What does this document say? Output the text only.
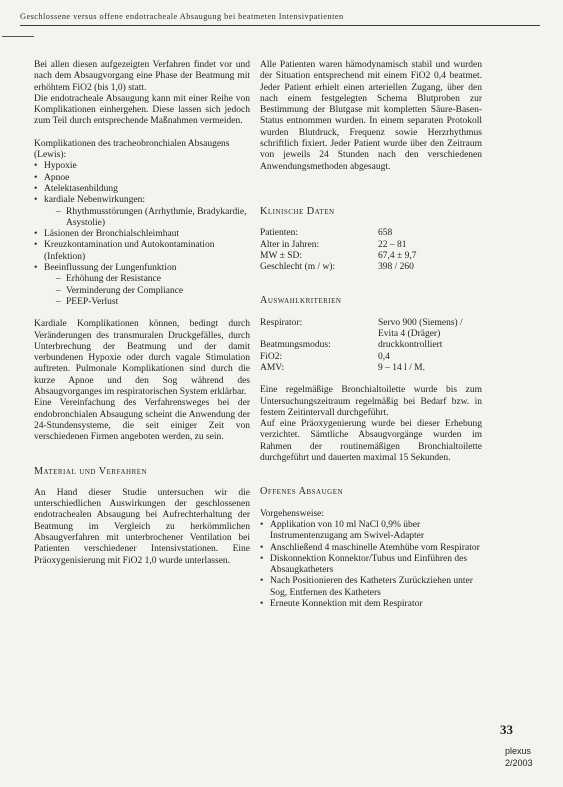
Geschlossene versus offene endotracheale Absaugung bei beatmeten Intensivpatienten

Bei allen diesen aufgezeigten Verfahren findet vor und nach dem Absaugvorgang eine Phase der Beatmung mit erhöhtem FiO2 (bis 1,0) statt.

Die endotracheale Absaugung kann mit einer Reihe von Komplikationen einhergehen. Diese lassen sich jedoch zum Teil durch entsprechende Maßnahmen vermeiden.

Komplikationen des tracheobronchialen Absaugens (Lewis):

• Hypoxie
• Apnoe
• Atelektasenbildung
• kardiale Nebenwirkungen:
– Rhythmusstörungen (Arrhythmie, Bradykardie, Asystolie)
• Läsionen der Bronchialschleimhaut
• Kreuzkontamination und Autokontamination (Infektion)
• Beeinflussung der Lungenfunktion
– Erhöhung der Resistance
– Verminderung der Compliance
– PEEP-Verlust

Kardiale Komplikationen können, bedingt durch Veränderungen des transmuralen Druckgefälles, durch Unterbrechung der Beatmung und der damit verbundenen Hypoxie oder durch vagale Stimulation auftreten. Pulmonale Komplikationen sind durch die kurze Apnoe und den Sog während des Absaugvorganges im respiratorischen System erklärbar.

Eine Vereinfachung des Verfahrensweges bei der endobronchialen Absaugung scheint die Anwendung der 24-Stundensysteme, die seit einiger Zeit von verschiedenen Firmen angeboten werden, zu sein.

Material und Verfahren

An Hand dieser Studie untersuchen wir die unterschiedlichen Auswirkungen der geschlossenen endotrachealen Absaugung bei Aufrechterhaltung der Beatmung im Vergleich zu herkömmlichen Absaugverfahren mit unterbrochener Ventilation bei Patienten verschiedener Intensivstationen. Eine Präoxygenisierung mit FiO2 1,0 wurde unterlassen.

Alle Patienten waren hämodynamisch stabil und wurden der Situation entsprechend mit einem FiO2 0,4 beatmet. Jeder Patient erhielt einen arteriellen Zugang, über den nach einem festgelegten Schema Blutproben zur Bestimmung der Blutgase mit kompletten Säure-Basen-Status entnommen wurden. In einem separaten Protokoll wurden Blutdruck, Frequenz sowie Herzrhythmus schriftlich fixiert. Jeder Patient wurde über den Zeitraum von jeweils 24 Stunden nach den verschiedenen Anwendungsmethoden abgesaugt.

Klinische Daten

Patienten:	658
Alter in Jahren:	22 – 81
MW ± SD:	67,4 ± 9,7
Geschlecht (m / w):	398 / 260

Auswahlkriterien

Respirator:	Servo 900 (Siemens) / Evita 4 (Dräger)
Beatmungsmodus:	druckkontrolliert
FiO2:	0,4
AMV:	9 – 14 l / M.

Eine regelmäßige Bronchialtoilette wurde bis zum Untersuchungszeitraum regelmäßig bei Bedarf bzw. in festem Zeitintervall durchgeführt.

Auf eine Präoxygenierung wurde bei dieser Erhebung verzichtet. Sämtliche Absaugvorgänge wurden im Rahmen der routinemäßigen Bronchialtoilette durchgeführt und dauerten maximal 15 Sekunden.

Offenes Absaugen

Vorgehensweise:

• Applikation von 10 ml NaCl 0,9% über Instrumentenzugang am Swivel-Adapter
• Anschließend 4 maschinelle Atemhübe vom Respirator
• Diskonnektion Konnektor/Tubus und Einführen des Absaugkatheters
• Nach Positionieren des Katheters Zurückziehen unter Sog, Entfernen des Katheters
• Erneute Konnektion mit dem Respirator
33
plexus
2/2003
